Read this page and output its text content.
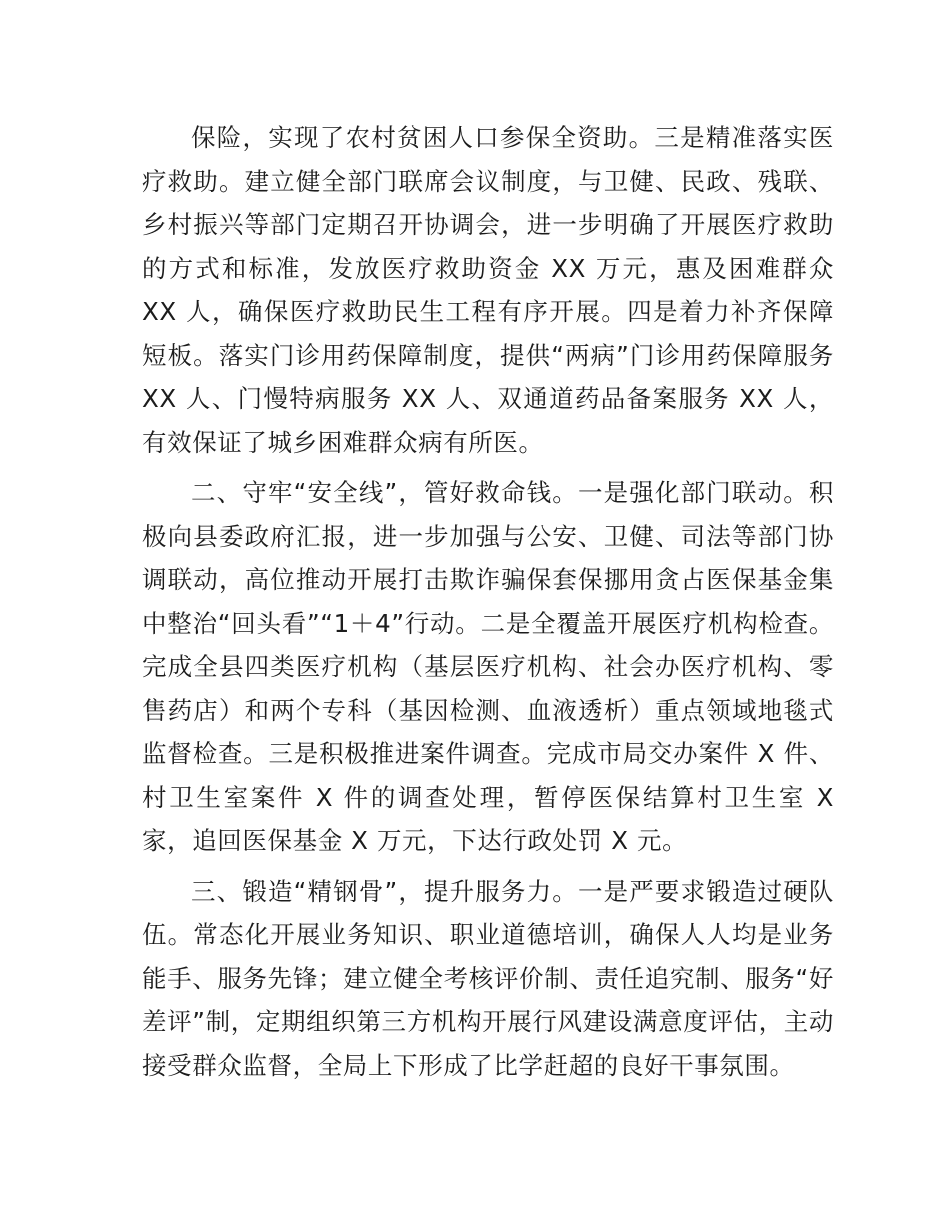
保险，实现了农村贫困人口参保全资助。三是精准落实医疗救助。建立健全部门联席会议制度，与卫健、民政、残联、乡村振兴等部门定期召开协调会，进一步明确了开展医疗救助的方式和标准，发放医疗救助资金 XX 万元，惠及困难群众 XX 人，确保医疗救助民生工程有序开展。四是着力补齐保障短板。落实门诊用药保障制度，提供“两病”门诊用药保障服务 XX 人、门慢特病服务 XX 人、双通道药品备案服务 XX 人，有效保证了城乡困难群众病有所医。

二、守牢“安全线”，管好救命钱。一是强化部门联动。积极向县委政府汇报，进一步加强与公安、卫健、司法等部门协调联动，高位推动开展打击欺诈骗保套保挪用贪占医保基金集中整治“回头看”“1＋4”行动。二是全覆盖开展医疗机构检查。完成全县四类医疗机构（基层医疗机构、社会办医疗机构、零售药店）和两个专科（基因检测、血液透析）重点领域地毯式监督检查。三是积极推进案件调查。完成市局交办案件 X 件、村卫生室案件 X 件的调查处理，暂停医保结算村卫生室 X 家，追回医保基金 X 万元，下达行政处罚 X 元。

三、锻造“精钢骨”，提升服务力。一是严要求锻造过硬队伍。常态化开展业务知识、职业道德培训，确保人人均是业务能手、服务先锋；建立健全考核评价制、责任追究制、服务“好差评”制，定期组织第三方机构开展行风建设满意度评估，主动接受群众监督，全局上下形成了比学赶超的良好干事氛围。
